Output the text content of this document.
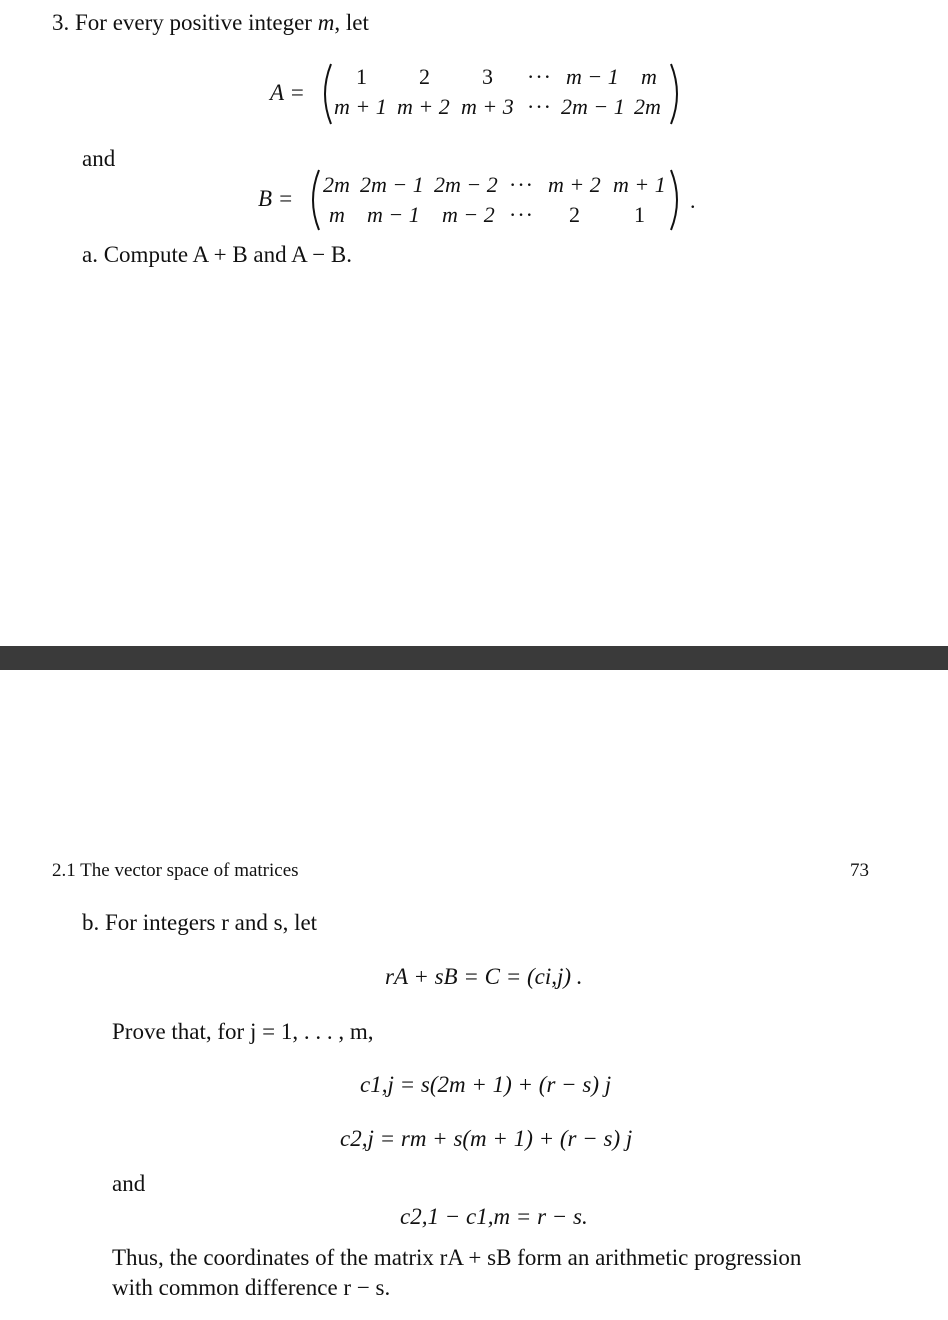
3. For every positive integer m, let
A =
1 2 3 ··· m − 1 m
m + 1 m + 2 m + 3 ··· 2m − 1 2m
and
B =
2m 2m − 1 2m − 2 ··· m + 2 m + 1
m m − 1 m − 2 ··· 2 1
.
a. Compute A + B and A − B.
2.1 The vector space of matrices	73
b. For integers r and s, let
rA + sB = C = (ci,j) .
Prove that, for j = 1, . . . , m,
c1,j = s(2m + 1) + (r − s) j
c2,j = rm + s(m + 1) + (r − s) j
and
c2,1 − c1,m = r − s.
Thus, the coordinates of the matrix rA + sB form an arithmetic progression
with common difference r − s.
